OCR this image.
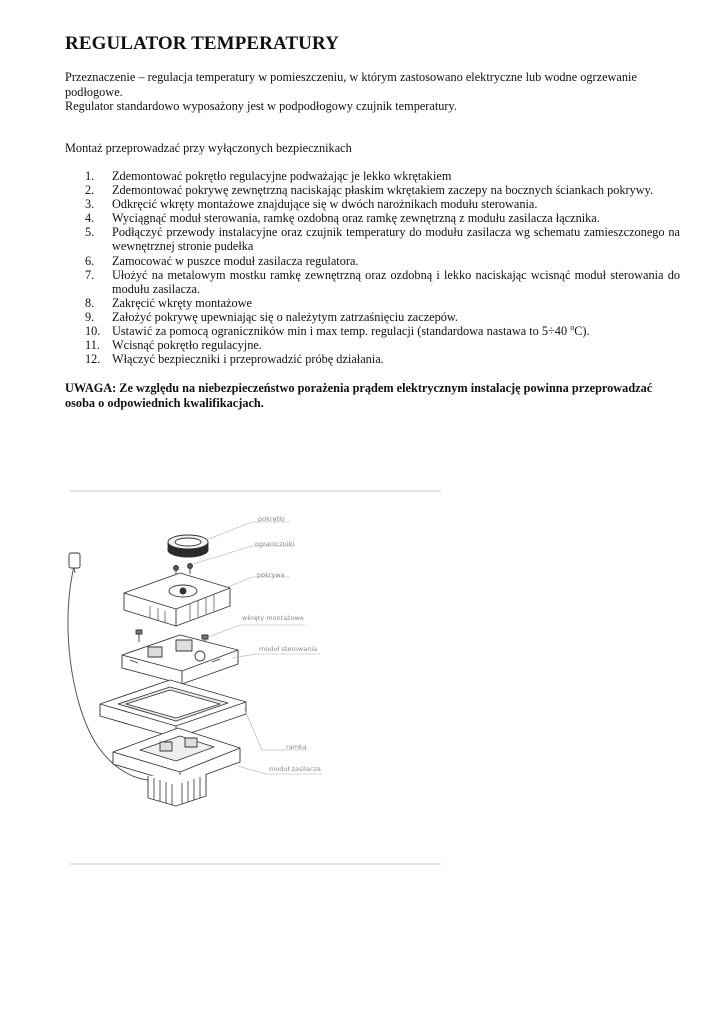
REGULATOR TEMPERATURY

Przeznaczenie – regulacja temperatury w pomieszczeniu, w którym zastosowano elektryczne lub wodne ogrzewanie podłogowe.

Regulator standardowo wyposażony jest w podpodłogowy czujnik temperatury.

Montaż przeprowadzać przy wyłączonych bezpiecznikach
1. Zdemontować pokrętło regulacyjne podważając je lekko wkrętakiem
2. Zdemontować pokrywę zewnętrzną naciskając płaskim wkrętakiem zaczepy na bocznych ściankach pokrywy.
3. Odkręcić wkręty montażowe znajdujące się w dwóch narożnikach modułu sterowania.
4. Wyciągnąć moduł sterowania, ramkę ozdobną oraz ramkę zewnętrzną z modułu zasilacza łącznika.
5. Podłączyć przewody instalacyjne oraz czujnik temperatury do modułu zasilacza wg schematu zamieszczonego na wewnętrznej stronie pudełka
6. Zamocować w puszce moduł zasilacza regulatora.
7. Ułożyć na metalowym mostku ramkę zewnętrzną oraz ozdobną i lekko naciskając wcisnąć moduł sterowania do modułu zasilacza.
8. Zakręcić wkręty montażowe
9. Założyć pokrywę upewniając się o należytym zatrzaśnięciu zaczepów.
10. Ustawić za pomocą ograniczników min i max temp. regulacji (standardowa nastawa to 5÷40 $^o$C).
11. Wcisnąć pokrętło regulacyjne.
12. Włączyć bezpieczniki i przeprowadzić próbę działania.
UWAGA: Ze względu na niebezpieczeństwo porażenia prądem elektrycznym instalację powinna przeprowadzać osoba o odpowiednich kwalifikacjach.
pokrętło
ograniczniki
pokrywa
wkręty montażowe
moduł sterowania
ramka
moduł zasilacza
